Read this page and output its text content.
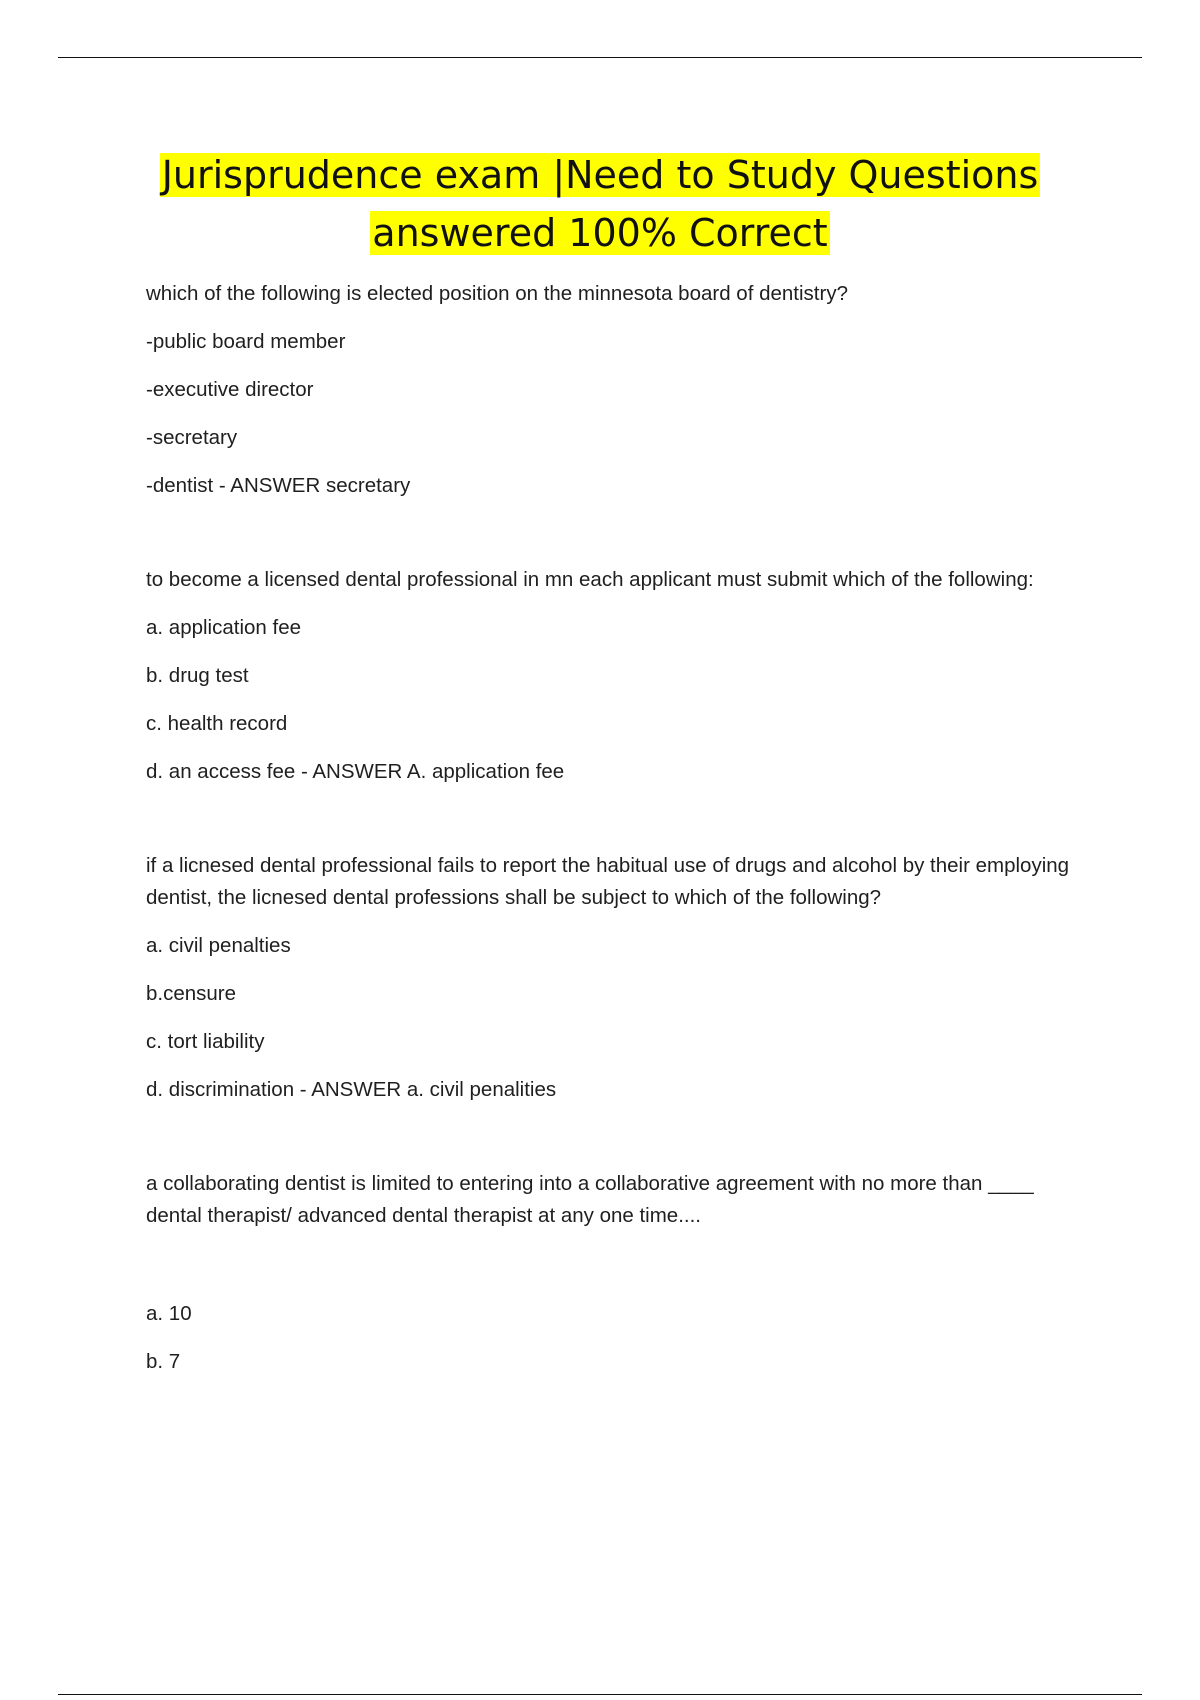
Jurisprudence exam |Need to Study Questions
answered 100% Correct

which of the following is elected position on the minnesota board of dentistry?

-public board member

-executive director

-secretary

-dentist - ANSWER secretary

to become a licensed dental professional in mn each applicant must submit which of the following:

a. application fee

b. drug test

c. health record

d. an access fee - ANSWER A. application fee

if a licnesed dental professional fails to report the habitual use of drugs and alcohol by their employing dentist, the licnesed dental professions shall be subject to which of the following?

a. civil penalties

b.censure

c. tort liability

d. discrimination - ANSWER a. civil penalities

a collaborating dentist is limited to entering into a collaborative agreement with no more than ____ dental therapist/ advanced dental therapist at any one time....

a. 10

b. 7
